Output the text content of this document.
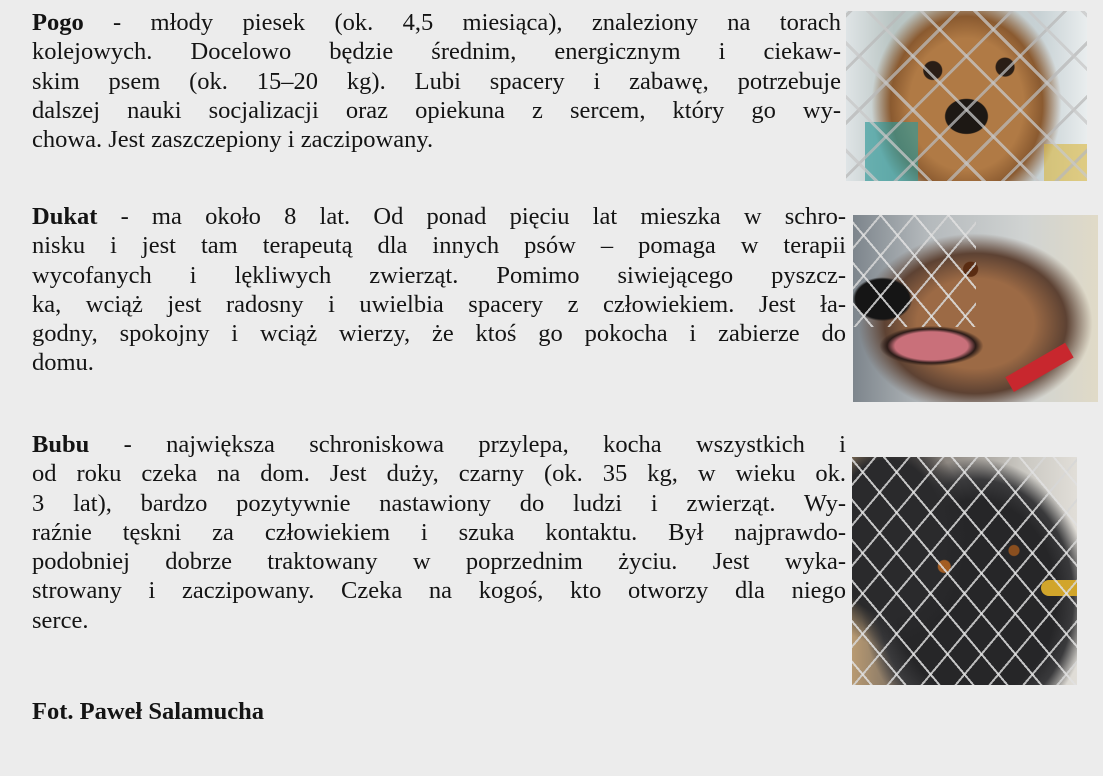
Pogo - młody piesek (ok. 4,5 miesiąca), znaleziony na torach
kolejowych. Docelowo będzie średnim, energicznym i ciekaw-
skim psem (ok. 15–20 kg). Lubi spacery i zabawę, potrzebuje
dalszej nauki socjalizacji oraz opiekuna z sercem, który go wy-
chowa. Jest zaszczepiony i zaczipowany.
Dukat - ma około 8 lat. Od ponad pięciu lat mieszka w schro-
nisku i jest tam terapeutą dla innych psów – pomaga w terapii
wycofanych i lękliwych zwierząt. Pomimo siwiejącego pyszcz-
ka, wciąż jest radosny i uwielbia spacery z człowiekiem. Jest ła-
godny, spokojny i wciąż wierzy, że ktoś go pokocha i zabierze do
domu.
Bubu - największa schroniskowa przylepa, kocha wszystkich i
od roku czeka na dom. Jest duży, czarny (ok. 35 kg, w wieku ok.
3 lat), bardzo pozytywnie nastawiony do ludzi i zwierząt. Wy-
raźnie tęskni za człowiekiem i szuka kontaktu. Był najprawdo-
podobniej dobrze traktowany w poprzednim życiu. Jest wyka-
strowany i zaczipowany. Czeka na kogoś, kto otworzy dla niego
serce.
Fot. Paweł Salamucha
